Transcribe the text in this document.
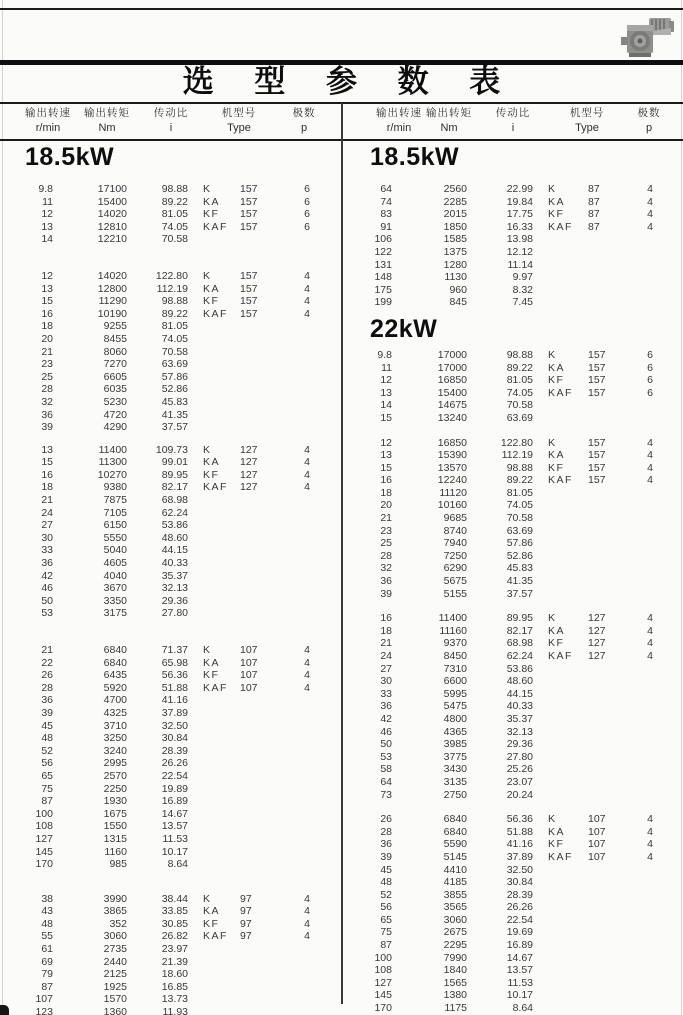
选 型 参 数 表
输出转速
r/min
输出转矩
Nm
传动比
i
机型号
Type
极数
p
输出转速
r/min
输出转矩
Nm
传动比
i
机型号
Type
极数
p
18.5kW
9.8	17100	98.88	K	157	6
11	15400	89.22	KA	157	6
12	14020	81.05	KF	157	6
13	12810	74.05	KAF	157	6
14	12210	70.58
12	14020	122.80	K	157	4
13	12800	112.19	KA	157	4
15	11290	98.88	KF	157	4
16	10190	89.22	KAF	157	4
18	9255	81.05
20	8455	74.05
21	8060	70.58
23	7270	63.69
25	6605	57.86
28	6035	52.86
32	5230	45.83
36	4720	41.35
39	4290	37.57
13	11400	109.73	K	127	4
15	11300	99.01	KA	127	4
16	10270	89.95	KF	127	4
18	9380	82.17	KAF	127	4
21	7875	68.98
24	7105	62.24
27	6150	53.86
30	5550	48.60
33	5040	44.15
36	4605	40.33
42	4040	35.37
46	3670	32.13
50	3350	29.36
53	3175	27.80
21	6840	71.37	K	107	4
22	6840	65.98	KA	107	4
26	6435	56.36	KF	107	4
28	5920	51.88	KAF	107	4
36	4700	41.16
39	4325	37.89
45	3710	32.50
48	3250	30.84
52	3240	28.39
56	2995	26.26
65	2570	22.54
75	2250	19.89
87	1930	16.89
100	1675	14.67
108	1550	13.57
127	1315	11.53
145	1160	10.17
170	985	8.64
38	3990	38.44	K	97	4
43	3865	33.85	KA	97	4
48	352	30.85	KF	97	4
55	3060	26.82	KAF	97	4
61	2735	23.97
69	2440	21.39
79	2125	18.60
87	1925	16.85
107	1570	13.73
123	1360	11.93
18.5kW
64	2560	22.99	K	87	4
74	2285	19.84	KA	87	4
83	2015	17.75	KF	87	4
91	1850	16.33	KAF	87	4
106	1585	13.98
122	1375	12.12
131	1280	11.14
148	1130	9.97
175	960	8.32
199	845	7.45
22kW
9.8	17000	98.88	K	157	6
11	17000	89.22	KA	157	6
12	16850	81.05	KF	157	6
13	15400	74.05	KAF	157	6
14	14675	70.58
15	13240	63.69
12	16850	122.80	K	157	4
13	15390	112.19	KA	157	4
15	13570	98.88	KF	157	4
16	12240	89.22	KAF	157	4
18	11120	81.05
20	10160	74.05
21	9685	70.58
23	8740	63.69
25	7940	57.86
28	7250	52.86
32	6290	45.83
36	5675	41.35
39	5155	37.57
16	11400	89.95	K	127	4
18	11160	82.17	KA	127	4
21	9370	68.98	KF	127	4
24	8450	62.24	KAF	127	4
27	7310	53.86
30	6600	48.60
33	5995	44.15
36	5475	40.33
42	4800	35.37
46	4365	32.13
50	3985	29.36
53	3775	27.80
58	3430	25.26
64	3135	23.07
73	2750	20.24
26	6840	56.36	K	107	4
28	6840	51.88	KA	107	4
36	5590	41.16	KF	107	4
39	5145	37.89	KAF	107	4
45	4410	32.50
48	4185	30.84
52	3855	28.39
56	3565	26.26
65	3060	22.54
75	2675	19.69
87	2295	16.89
100	7990	14.67
108	1840	13.57
127	1565	11.53
145	1380	10.17
170	1175	8.64
